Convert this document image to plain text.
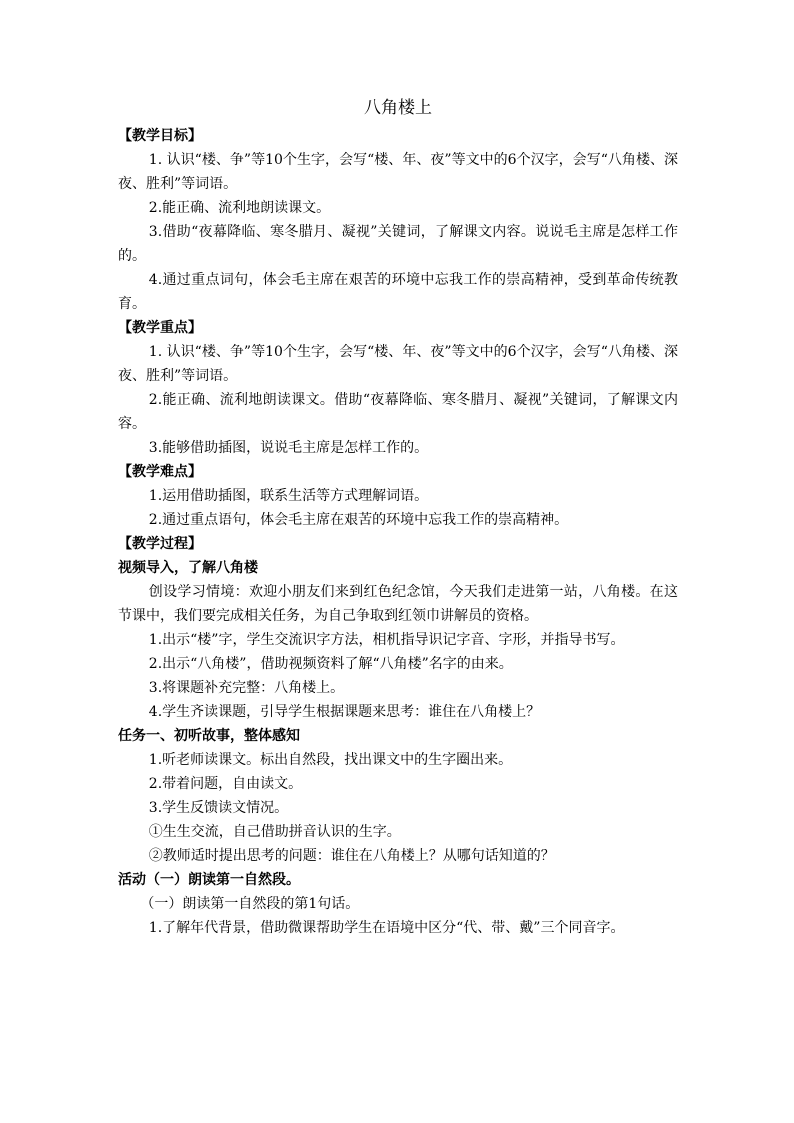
八角楼上

【教学目标】

1. 认识“楼、争”等10个生字，会写“楼、年、夜”等文中的6个汉字，会写“八角楼、深夜、胜利”等词语。

2.能正确、流利地朗读课文。

3.借助“夜幕降临、寒冬腊月、凝视”关键词，了解课文内容。说说毛主席是怎样工作的。

4.通过重点词句，体会毛主席在艰苦的环境中忘我工作的崇高精神，受到革命传统教育。

【教学重点】

1. 认识“楼、争”等10个生字，会写“楼、年、夜”等文中的6个汉字，会写“八角楼、深夜、胜利”等词语。

2.能正确、流利地朗读课文。借助“夜幕降临、寒冬腊月、凝视”关键词，了解课文内容。

3.能够借助插图，说说毛主席是怎样工作的。

【教学难点】

1.运用借助插图，联系生活等方式理解词语。

2.通过重点语句，体会毛主席在艰苦的环境中忘我工作的崇高精神。

【教学过程】

视频导入，了解八角楼

创设学习情境：欢迎小朋友们来到红色纪念馆，今天我们走进第一站，八角楼。在这节课中，我们要完成相关任务，为自己争取到红领巾讲解员的资格。

1.出示“楼”字，学生交流识字方法，相机指导识记字音、字形，并指导书写。

2.出示“八角楼”，借助视频资料了解“八角楼”名字的由来。

3.将课题补充完整：八角楼上。

4.学生齐读课题，引导学生根据课题来思考：谁住在八角楼上？

任务一、初听故事，整体感知

1.听老师读课文。标出自然段，找出课文中的生字圈出来。

2.带着问题，自由读文。

3.学生反馈读文情况。

①生生交流，自己借助拼音认识的生字。

②教师适时提出思考的问题：谁住在八角楼上？从哪句话知道的？

活动（一）朗读第一自然段。

（一）朗读第一自然段的第1句话。

1.了解年代背景，借助微课帮助学生在语境中区分“代、带、戴”三个同音字。
